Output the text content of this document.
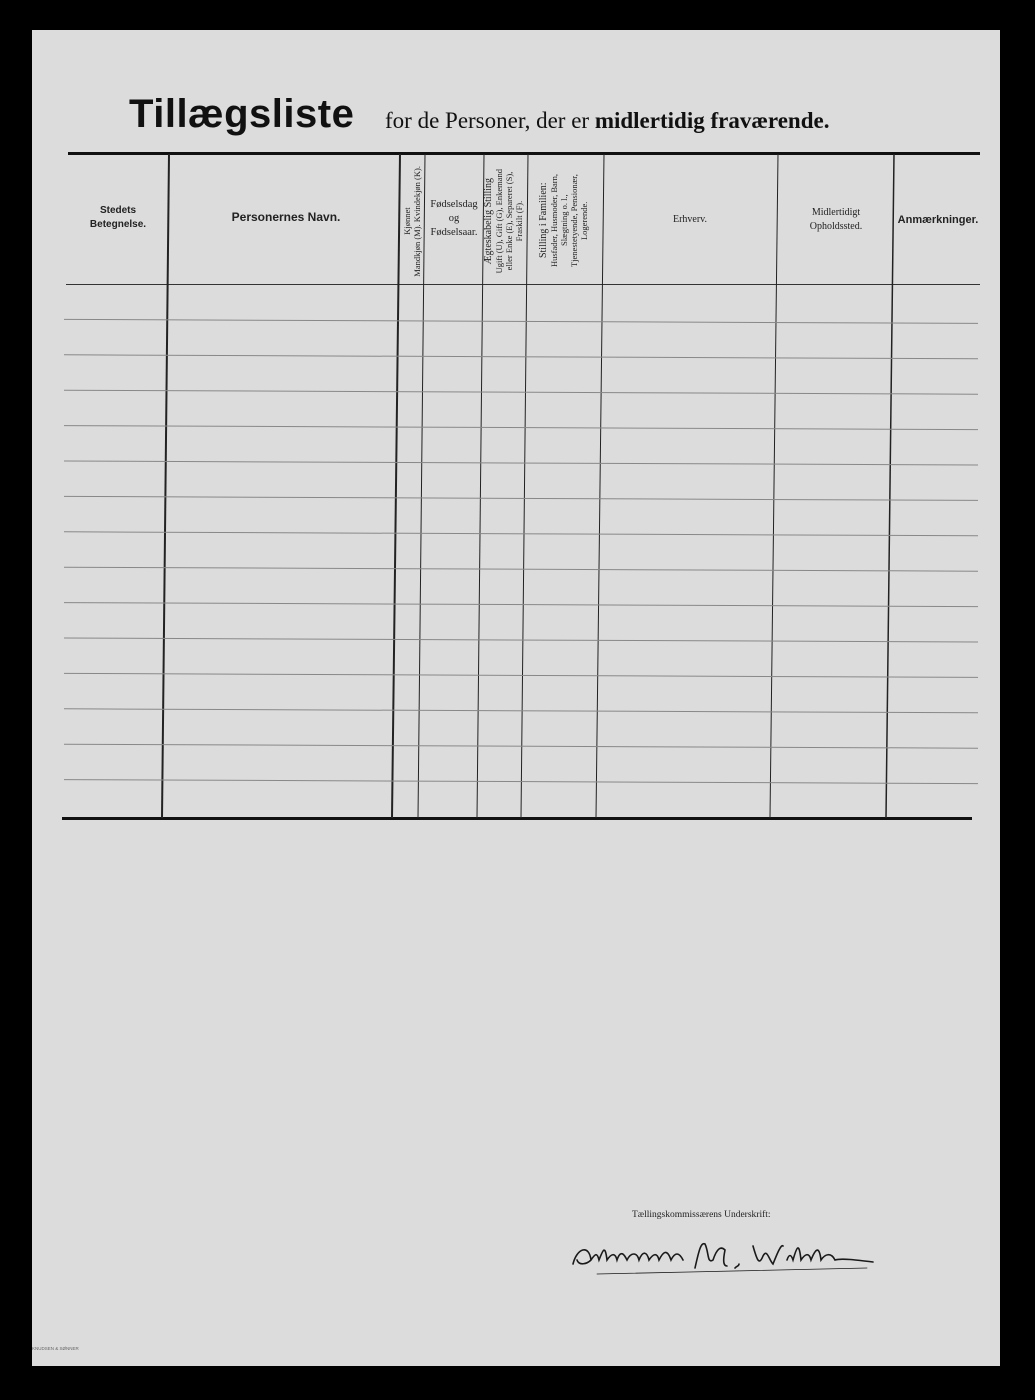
Tillægsliste for de Personer, der er midlertidig fraværende.
Stedets
Betegnelse.
Personernes Navn.	Kjønnet Mandkjøn (M). Kvindekjøn (K). Fødselsdag
og
Fødselsaar. Ægteskabelig Stilling Ugift (U), Gift (G), Enkemand eller Enke (E), Separeret (S), Fraskilt (F). Stilling i Familien: Husfader, Husmoder, Barn, Slægtning o. l., Tjenestetyende, Pensionær, Logerende.	Erhverv.
Midlertidigt
Opholdssted.
Anmærkninger.
Tællingskommissærens Underskrift:
Aleksander M. Wilhelm
KNUDSEN & SØNNER
